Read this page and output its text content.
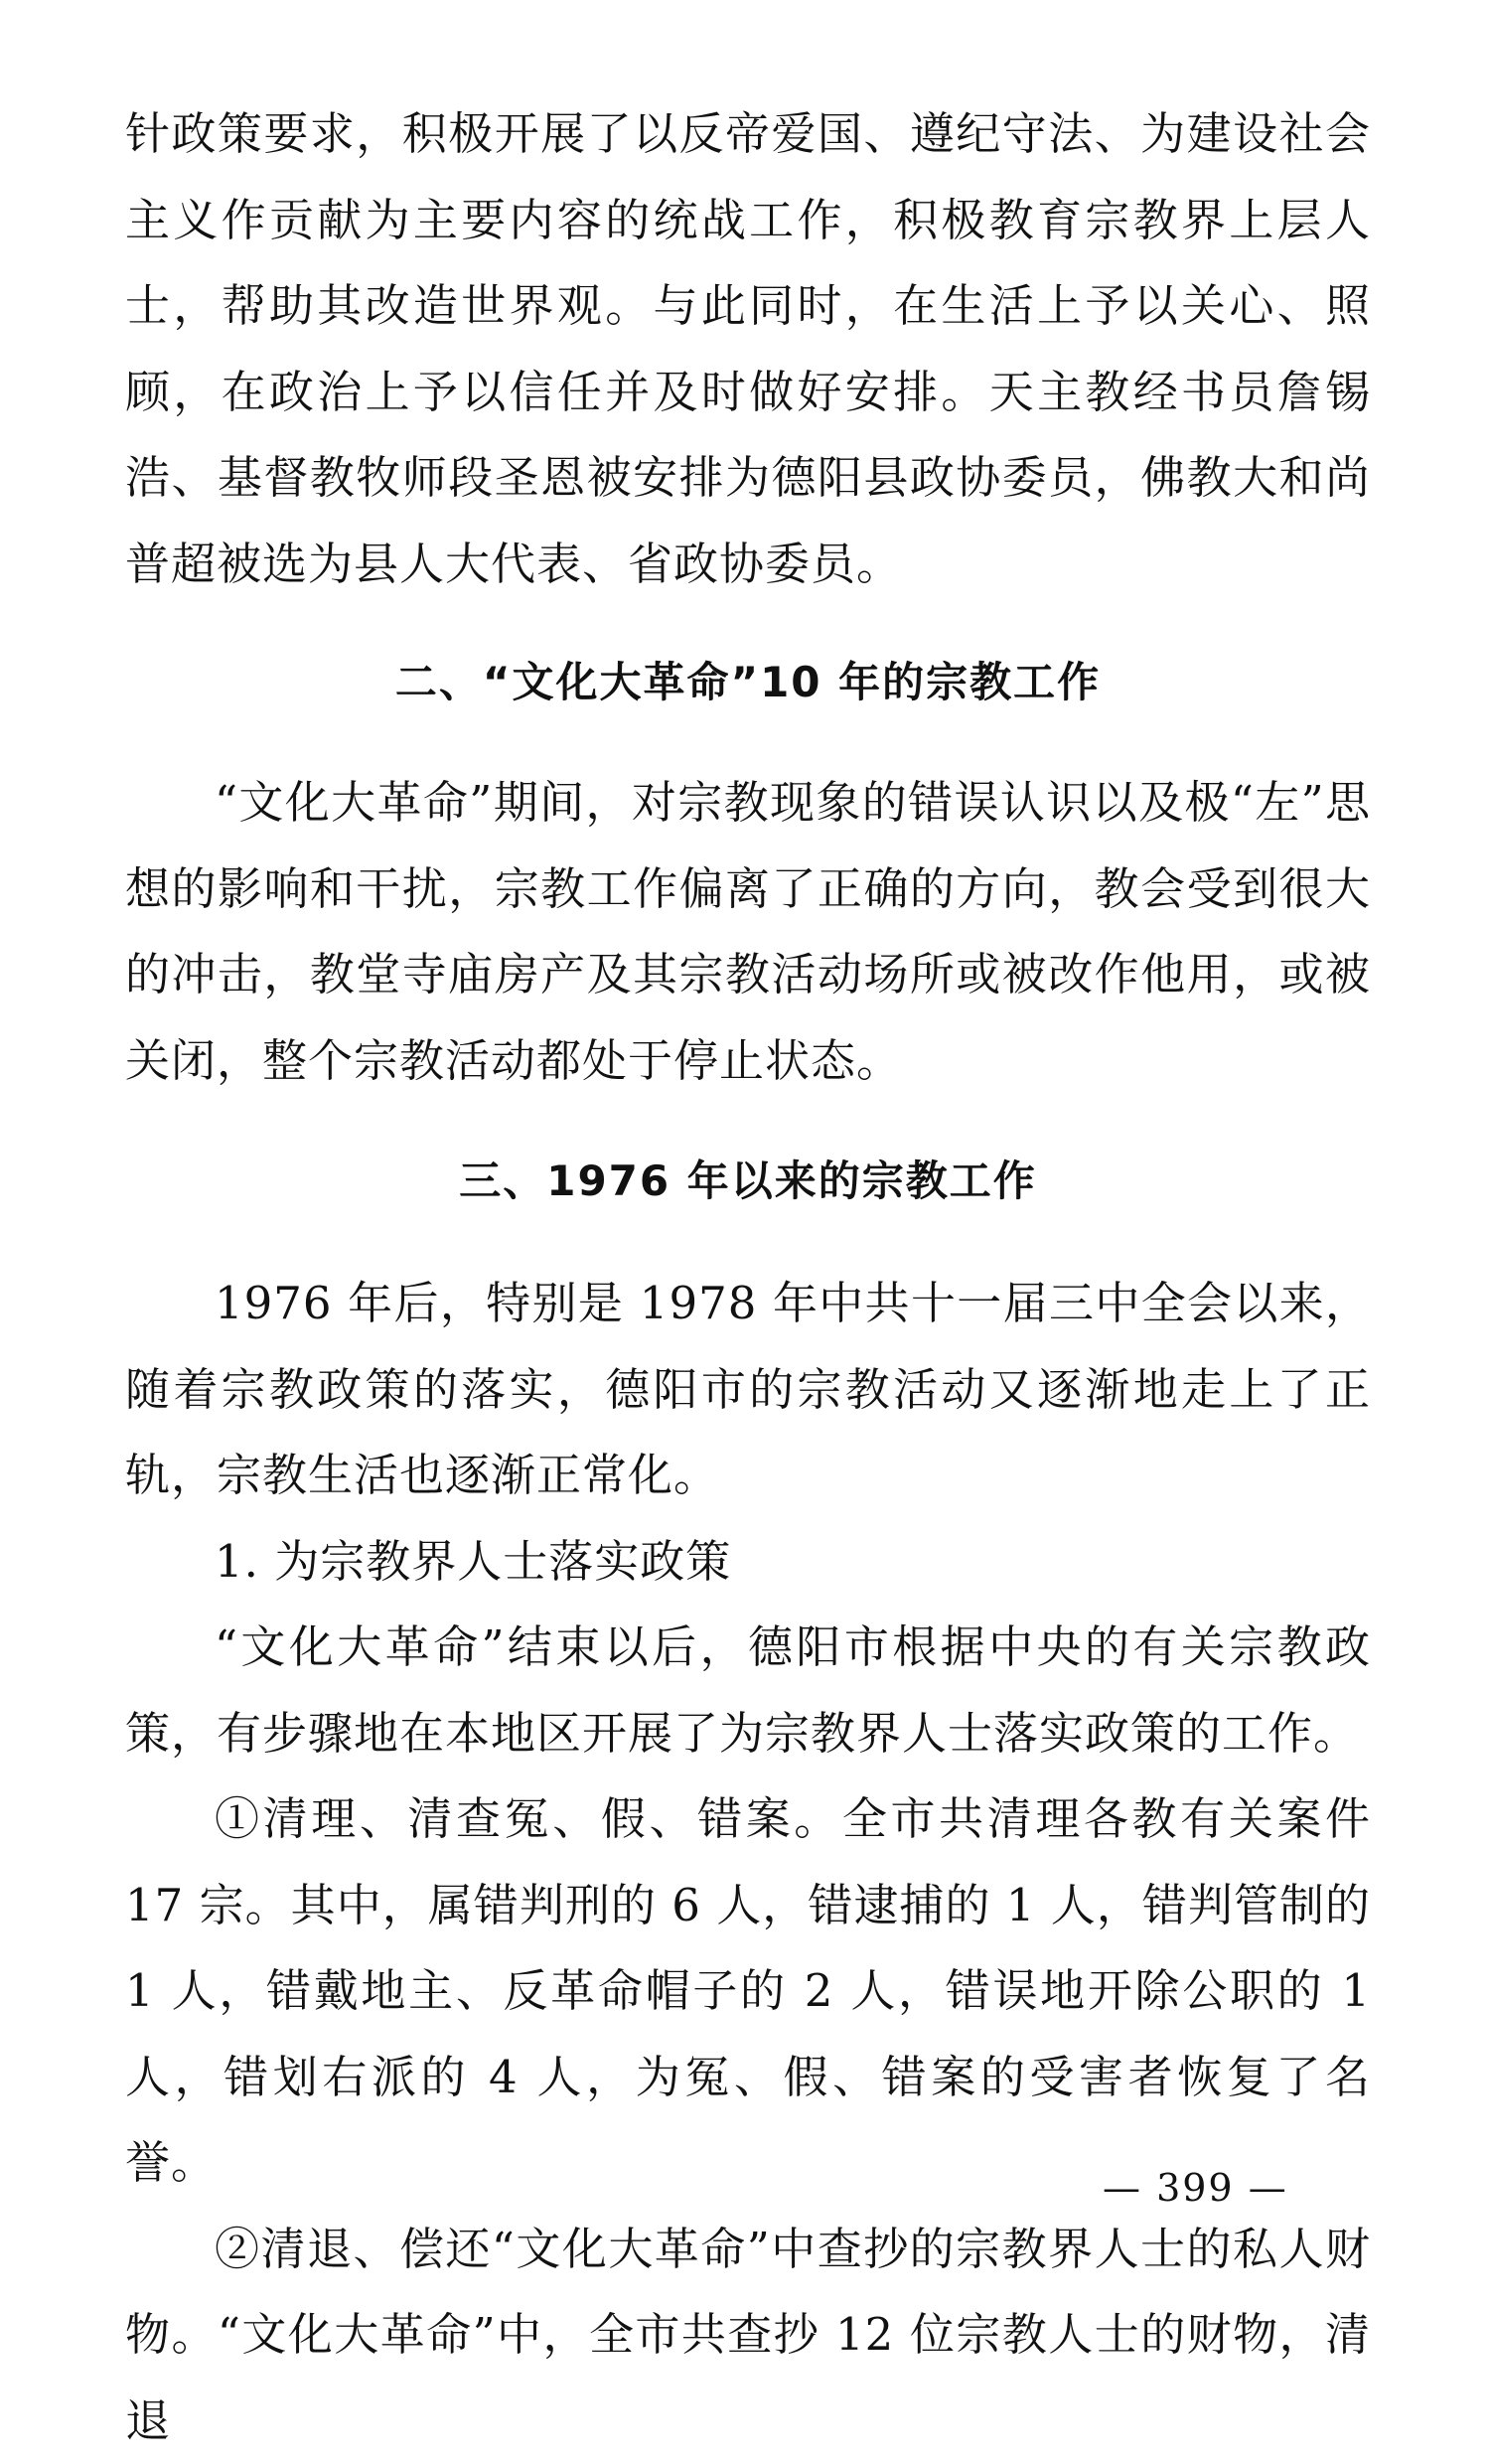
针政策要求，积极开展了以反帝爱国、遵纪守法、为建设社会主义作贡献为主要内容的统战工作，积极教育宗教界上层人士，帮助其改造世界观。与此同时，在生活上予以关心、照顾，在政治上予以信任并及时做好安排。天主教经书员詹锡浩、基督教牧师段圣恩被安排为德阳县政协委员，佛教大和尚普超被选为县人大代表、省政协委员。

二、“文化大革命”10 年的宗教工作

“文化大革命”期间，对宗教现象的错误认识以及极“左”思想的影响和干扰，宗教工作偏离了正确的方向，教会受到很大的冲击，教堂寺庙房产及其宗教活动场所或被改作他用，或被关闭，整个宗教活动都处于停止状态。

三、1976 年以来的宗教工作

1976 年后，特别是 1978 年中共十一届三中全会以来，随着宗教政策的落实，德阳市的宗教活动又逐渐地走上了正轨，宗教生活也逐渐正常化。

1. 为宗教界人士落实政策

“文化大革命”结束以后，德阳市根据中央的有关宗教政策，有步骤地在本地区开展了为宗教界人士落实政策的工作。

①清理、清查冤、假、错案。全市共清理各教有关案件 17 宗。其中，属错判刑的 6 人，错逮捕的 1 人，错判管制的 1 人，错戴地主、反革命帽子的 2 人，错误地开除公职的 1 人，错划右派的 4 人，为冤、假、错案的受害者恢复了名誉。

②清退、偿还“文化大革命”中查抄的宗教界人士的私人财物。“文化大革命”中，全市共查抄 12 位宗教人士的财物，清退

— 399 —
